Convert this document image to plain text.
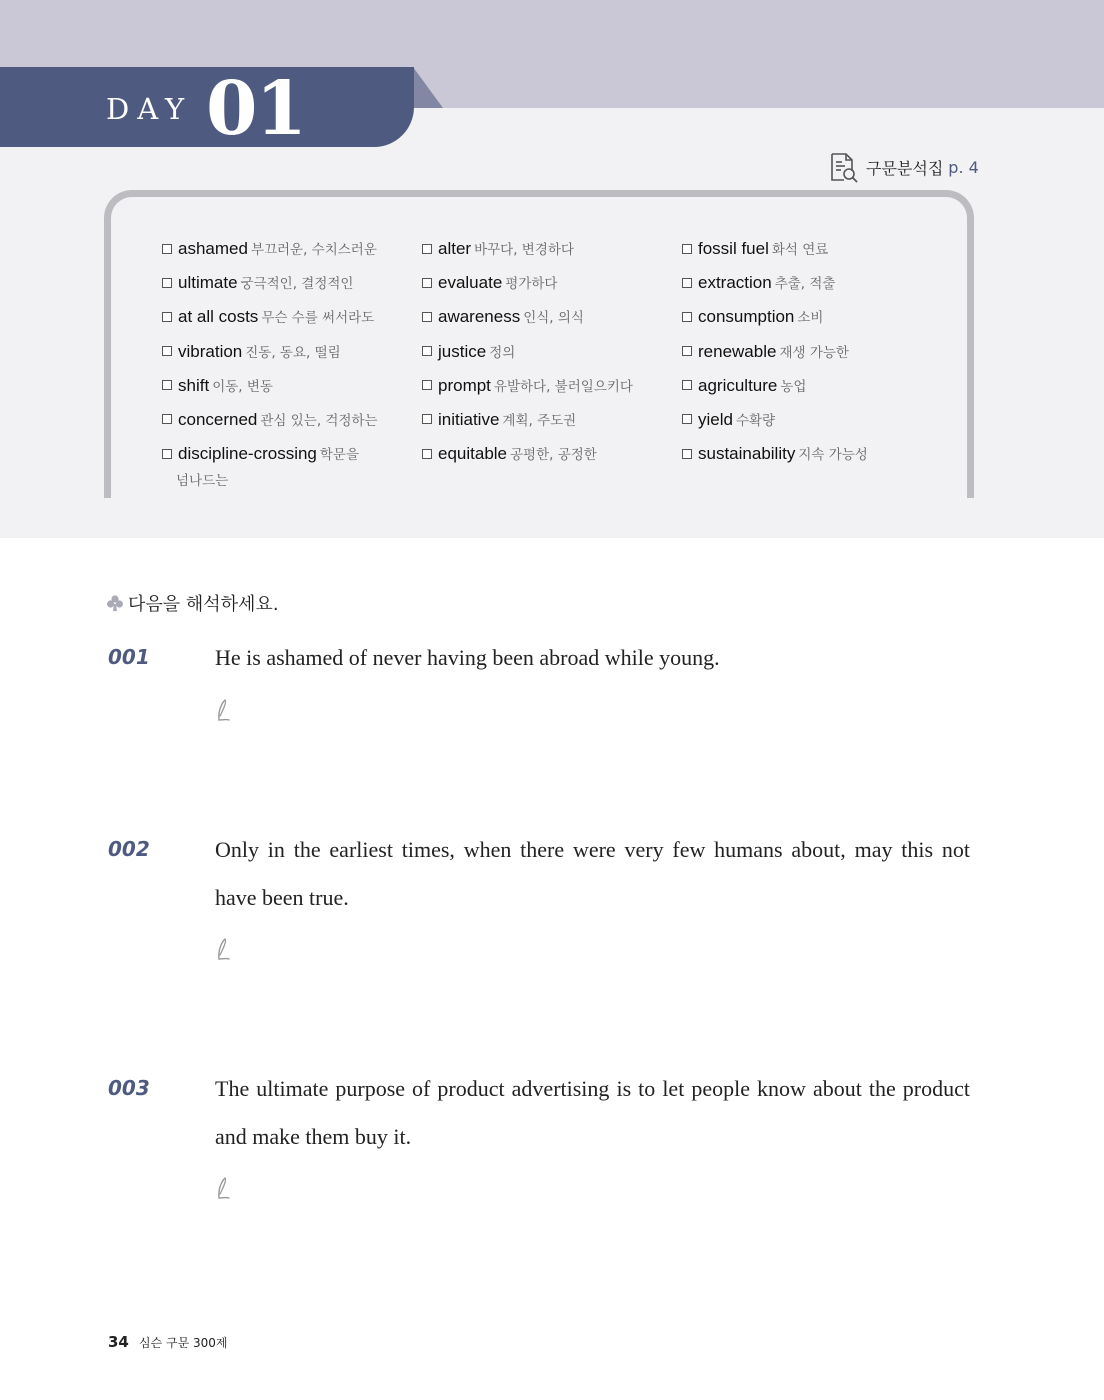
DAY 01
구문분석집 p. 4
ashamed 부끄러운, 수치스러운
ultimate 궁극적인, 결정적인
at all costs 무슨 수를 써서라도
vibration 진동, 동요, 떨림
shift 이동, 변동
concerned 관심 있는, 걱정하는
discipline-crossing 학문을
넘나드는
alter 바꾸다, 변경하다
evaluate 평가하다
awareness 인식, 의식
justice 정의
prompt 유발하다, 불러일으키다
initiative 계획, 주도권
equitable 공평한, 공정한
fossil fuel 화석 연료
extraction 추출, 적출
consumption 소비
renewable 재생 가능한
agriculture 농업
yield 수확량
sustainability 지속 가능성
다음을 해석하세요.
001	He is ashamed of never having been abroad while young.
002	Only in the earliest times, when there were very few humans about, may this not have been true.
003	The ultimate purpose of product advertising is to let people know about the product and make them buy it.
34 심슨 구문 300제
